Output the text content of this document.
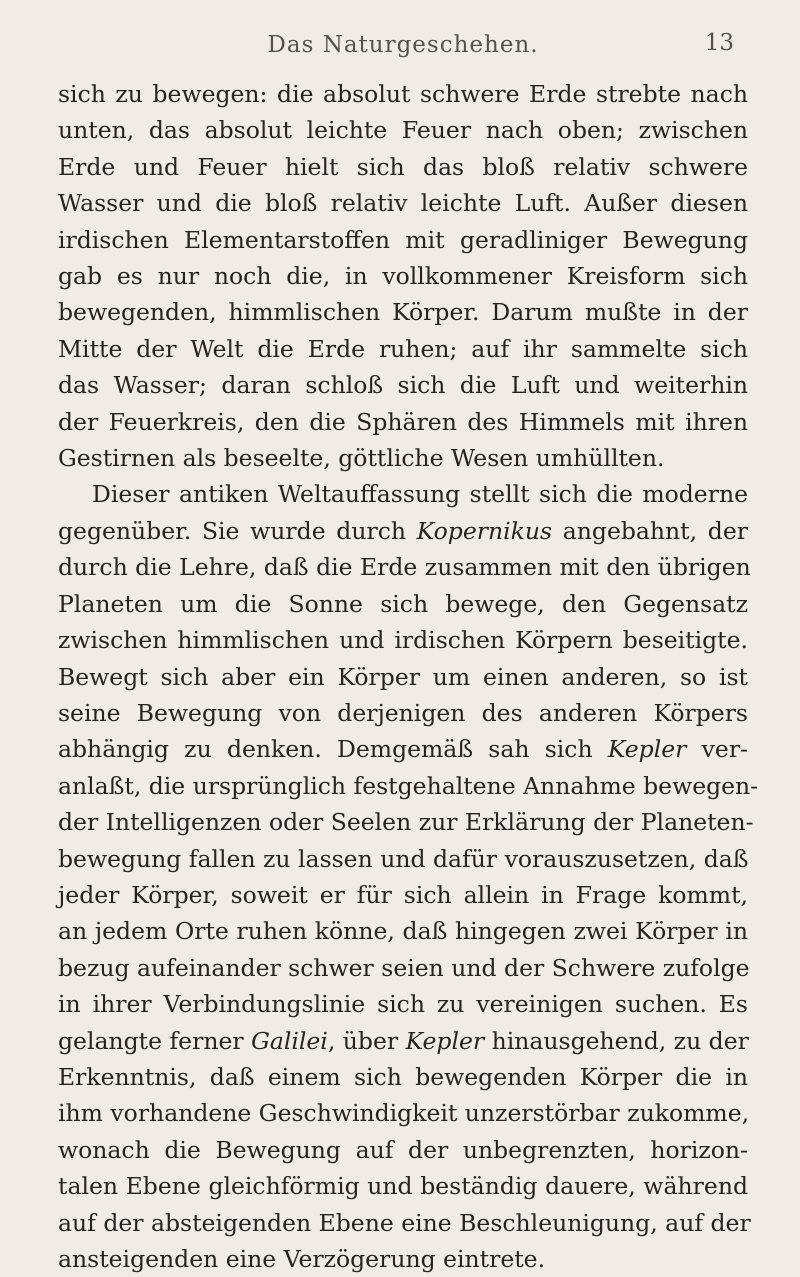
Das Naturgeschehen.	13
sich zu bewegen: die absolut schwere Erde strebte nach
unten, das absolut leichte Feuer nach oben; zwischen
Erde und Feuer hielt sich das bloß relativ schwere
Wasser und die bloß relativ leichte Luft. Außer diesen
irdischen Elementarstoffen mit geradliniger Bewegung
gab es nur noch die, in vollkommener Kreisform sich
bewegenden, himmlischen Körper. Darum mußte in der
Mitte der Welt die Erde ruhen; auf ihr sammelte sich
das Wasser; daran schloß sich die Luft und weiterhin
der Feuerkreis, den die Sphären des Himmels mit ihren
Gestirnen als beseelte, göttliche Wesen umhüllten.
Dieser antiken Weltauffassung stellt sich die moderne
gegenüber. Sie wurde durch Kopernikus angebahnt, der
durch die Lehre, daß die Erde zusammen mit den übrigen
Planeten um die Sonne sich bewege, den Gegensatz
zwischen himmlischen und irdischen Körpern beseitigte.
Bewegt sich aber ein Körper um einen anderen, so ist
seine Bewegung von derjenigen des anderen Körpers
abhängig zu denken. Demgemäß sah sich Kepler ver-
anlaßt, die ursprünglich festgehaltene Annahme bewegen-
der Intelligenzen oder Seelen zur Erklärung der Planeten-
bewegung fallen zu lassen und dafür vorauszusetzen, daß
jeder Körper, soweit er für sich allein in Frage kommt,
an jedem Orte ruhen könne, daß hingegen zwei Körper in
bezug aufeinander schwer seien und der Schwere zufolge
in ihrer Verbindungslinie sich zu vereinigen suchen. Es
gelangte ferner Galilei, über Kepler hinausgehend, zu der
Erkenntnis, daß einem sich bewegenden Körper die in
ihm vorhandene Geschwindigkeit unzerstörbar zukomme,
wonach die Bewegung auf der unbegrenzten, horizon-
talen Ebene gleichförmig und beständig dauere, während
auf der absteigenden Ebene eine Beschleunigung, auf der
ansteigenden eine Verzögerung eintrete.
